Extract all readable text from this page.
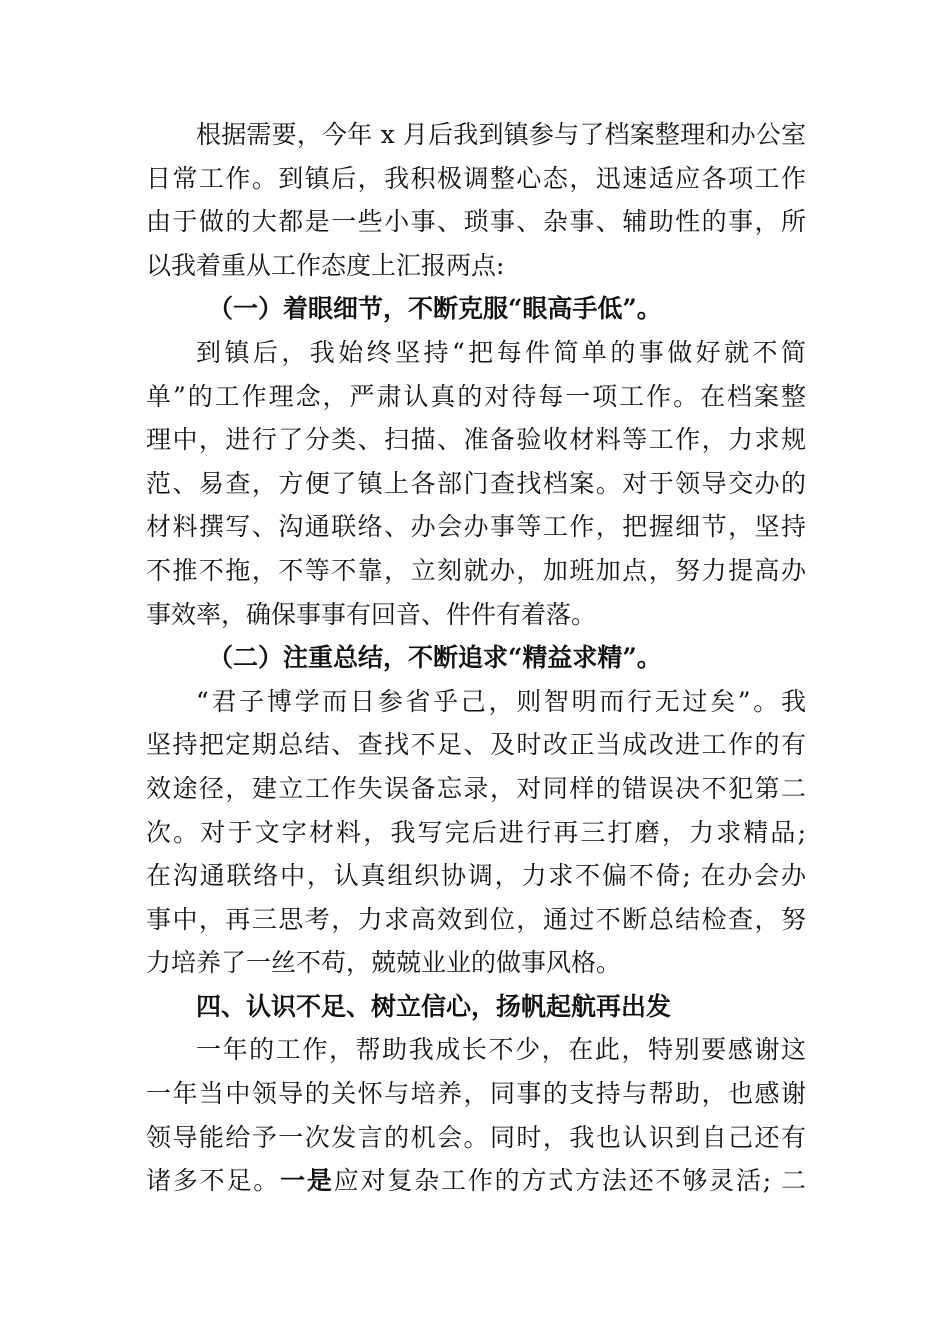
根据需要，今年 x 月后我到镇参与了档案整理和办公室
日常工作。到镇后，我积极调整心态，迅速适应各项工作
由于做的大都是一些小事、琐事、杂事、辅助性的事，所
以我着重从工作态度上汇报两点:
（一）着眼细节，不断克服“眼高手低”。
到镇后，我始终坚持“把每件简单的事做好就不简
单”的工作理念，严肃认真的对待每一项工作。在档案整
理中，进行了分类、扫描、准备验收材料等工作，力求规
范、易查，方便了镇上各部门查找档案。对于领导交办的
材料撰写、沟通联络、办会办事等工作，把握细节，坚持
不推不拖，不等不靠，立刻就办，加班加点，努力提高办
事效率，确保事事有回音、件件有着落。
（二）注重总结，不断追求“精益求精”。
“君子博学而日参省乎己，则智明而行无过矣”。我
坚持把定期总结、查找不足、及时改正当成改进工作的有
效途径，建立工作失误备忘录，对同样的错误决不犯第二
次。对于文字材料，我写完后进行再三打磨，力求精品;
在沟通联络中，认真组织协调，力求不偏不倚; 在办会办
事中，再三思考，力求高效到位，通过不断总结检查，努
力培养了一丝不苟，兢兢业业的做事风格。
四、认识不足、树立信心，扬帆起航再出发
一年的工作，帮助我成长不少，在此，特别要感谢这
一年当中领导的关怀与培养，同事的支持与帮助，也感谢
领导能给予一次发言的机会。同时，我也认识到自己还有
诸多不足。一是应对复杂工作的方式方法还不够灵活; 二
